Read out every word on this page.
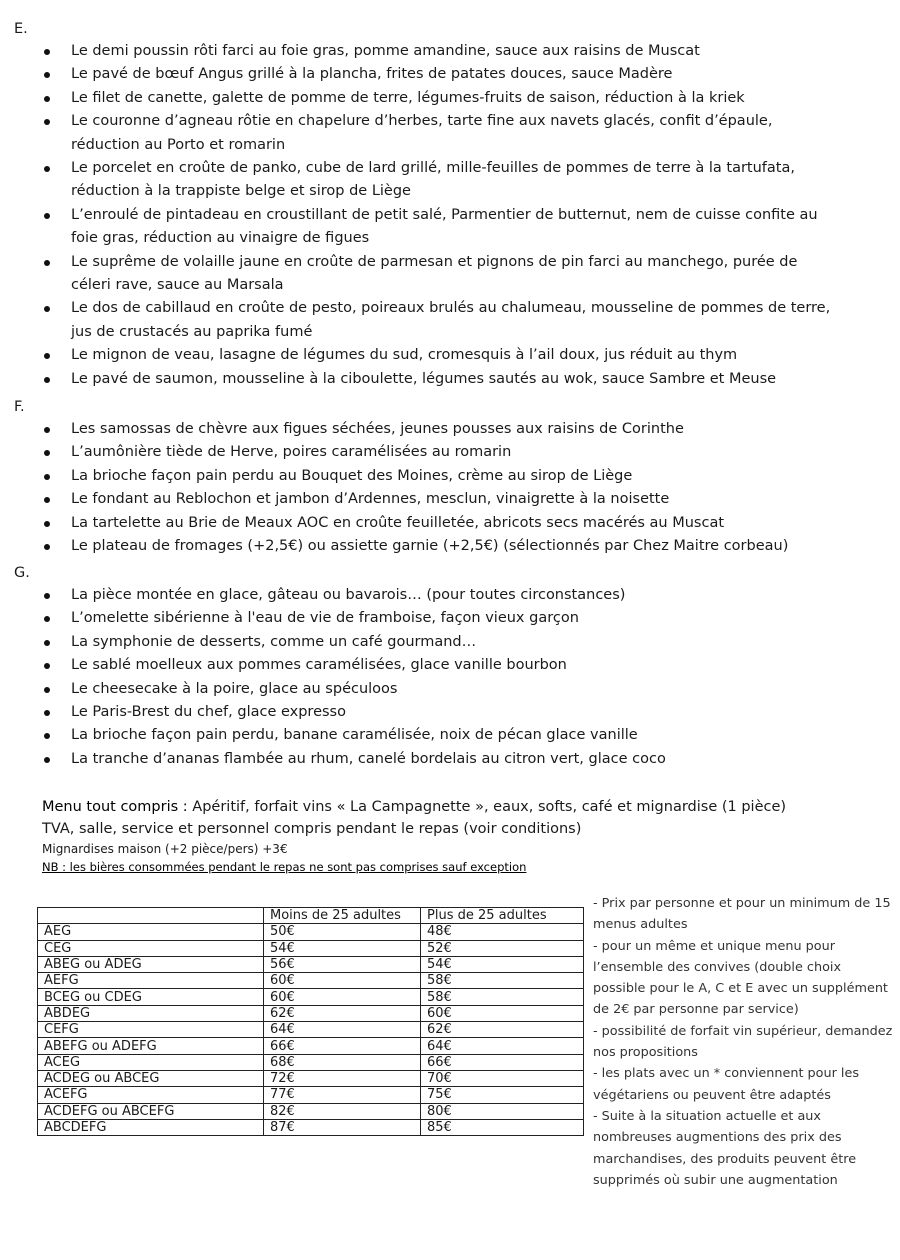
E.
Le demi poussin rôti farci au foie gras, pomme amandine, sauce aux raisins de Muscat
Le pavé de bœuf Angus grillé à la plancha, frites de patates douces, sauce Madère
Le filet de canette, galette de pomme de terre, légumes-fruits de saison, réduction à la kriek
Le couronne d’agneau rôtie en chapelure d’herbes, tarte fine aux navets glacés, confit d’épaule, réduction au Porto et romarin
Le porcelet en croûte de panko, cube de lard grillé, mille-feuilles de pommes de terre à la tartufata, réduction à la trappiste belge et sirop de Liège
L’enroulé de pintadeau en croustillant de petit salé, Parmentier de butternut, nem de cuisse confite au foie gras, réduction au vinaigre de figues
Le suprême de volaille jaune en croûte de parmesan et pignons de pin farci au manchego, purée de céleri rave, sauce au Marsala
Le dos de cabillaud en croûte de pesto, poireaux brulés au chalumeau, mousseline de pommes de terre, jus de crustacés au paprika fumé
Le mignon de veau, lasagne de légumes du sud, cromesquis à l’ail doux, jus réduit au thym
Le pavé de saumon, mousseline à la ciboulette, légumes sautés au wok, sauce Sambre et Meuse
F.
Les samossas de chèvre aux figues séchées, jeunes pousses aux raisins de Corinthe
L’aumônière tiède de Herve, poires caramélisées au romarin
La brioche façon pain perdu au Bouquet des Moines, crème au sirop de Liège
Le fondant au Reblochon et jambon d’Ardennes, mesclun, vinaigrette à la noisette
La tartelette au Brie de Meaux AOC en croûte feuilletée, abricots secs macérés au Muscat
Le plateau de fromages (+2,5€) ou assiette garnie (+2,5€) (sélectionnés par Chez Maitre corbeau)
G.
La pièce montée en glace, gâteau ou bavarois… (pour toutes circonstances)
L’omelette sibérienne à l'eau de vie de framboise, façon vieux garçon
La symphonie de desserts, comme un café gourmand…
Le sablé moelleux aux pommes caramélisées, glace vanille bourbon
Le cheesecake à la poire, glace au spéculoos
Le Paris-Brest du chef, glace expresso
La brioche façon pain perdu, banane caramélisée, noix de pécan glace vanille
La tranche d’ananas flambée au rhum, canelé bordelais au citron vert, glace coco
Menu tout compris : Apéritif, forfait vins « La Campagnette », eaux, softs, café et mignardise (1 pièce)
TVA, salle, service et personnel compris pendant le repas (voir conditions)
Mignardises maison (+2 pièce/pers) +3€
NB : les bières consommées pendant le repas ne sont pas comprises sauf exception
	Moins de 25 adultes	Plus de 25 adultes
AEG	50€	48€
CEG	54€	52€
ABEG ou ADEG	56€	54€
AEFG	60€	58€
BCEG ou CDEG	60€	58€
ABDEG	62€	60€
CEFG	64€	62€
ABEFG ou ADEFG	66€	64€
ACEG	68€	66€
ACDEG ou ABCEG	72€	70€
ACEFG	77€	75€
ACDEFG ou ABCEFG	82€	80€
ABCDEFG	87€	85€

- Prix par personne et pour un minimum de 15 menus adultes

- pour un même et unique menu pour l’ensemble des convives (double choix possible pour le A, C et E avec un supplément de 2€ par personne par service)

- possibilité de forfait vin supérieur, demandez nos propositions

- les plats avec un * conviennent pour les végétariens ou peuvent être adaptés

- Suite à la situation actuelle et aux nombreuses augmentions des prix des marchandises, des produits peuvent être supprimés où subir une augmentation
